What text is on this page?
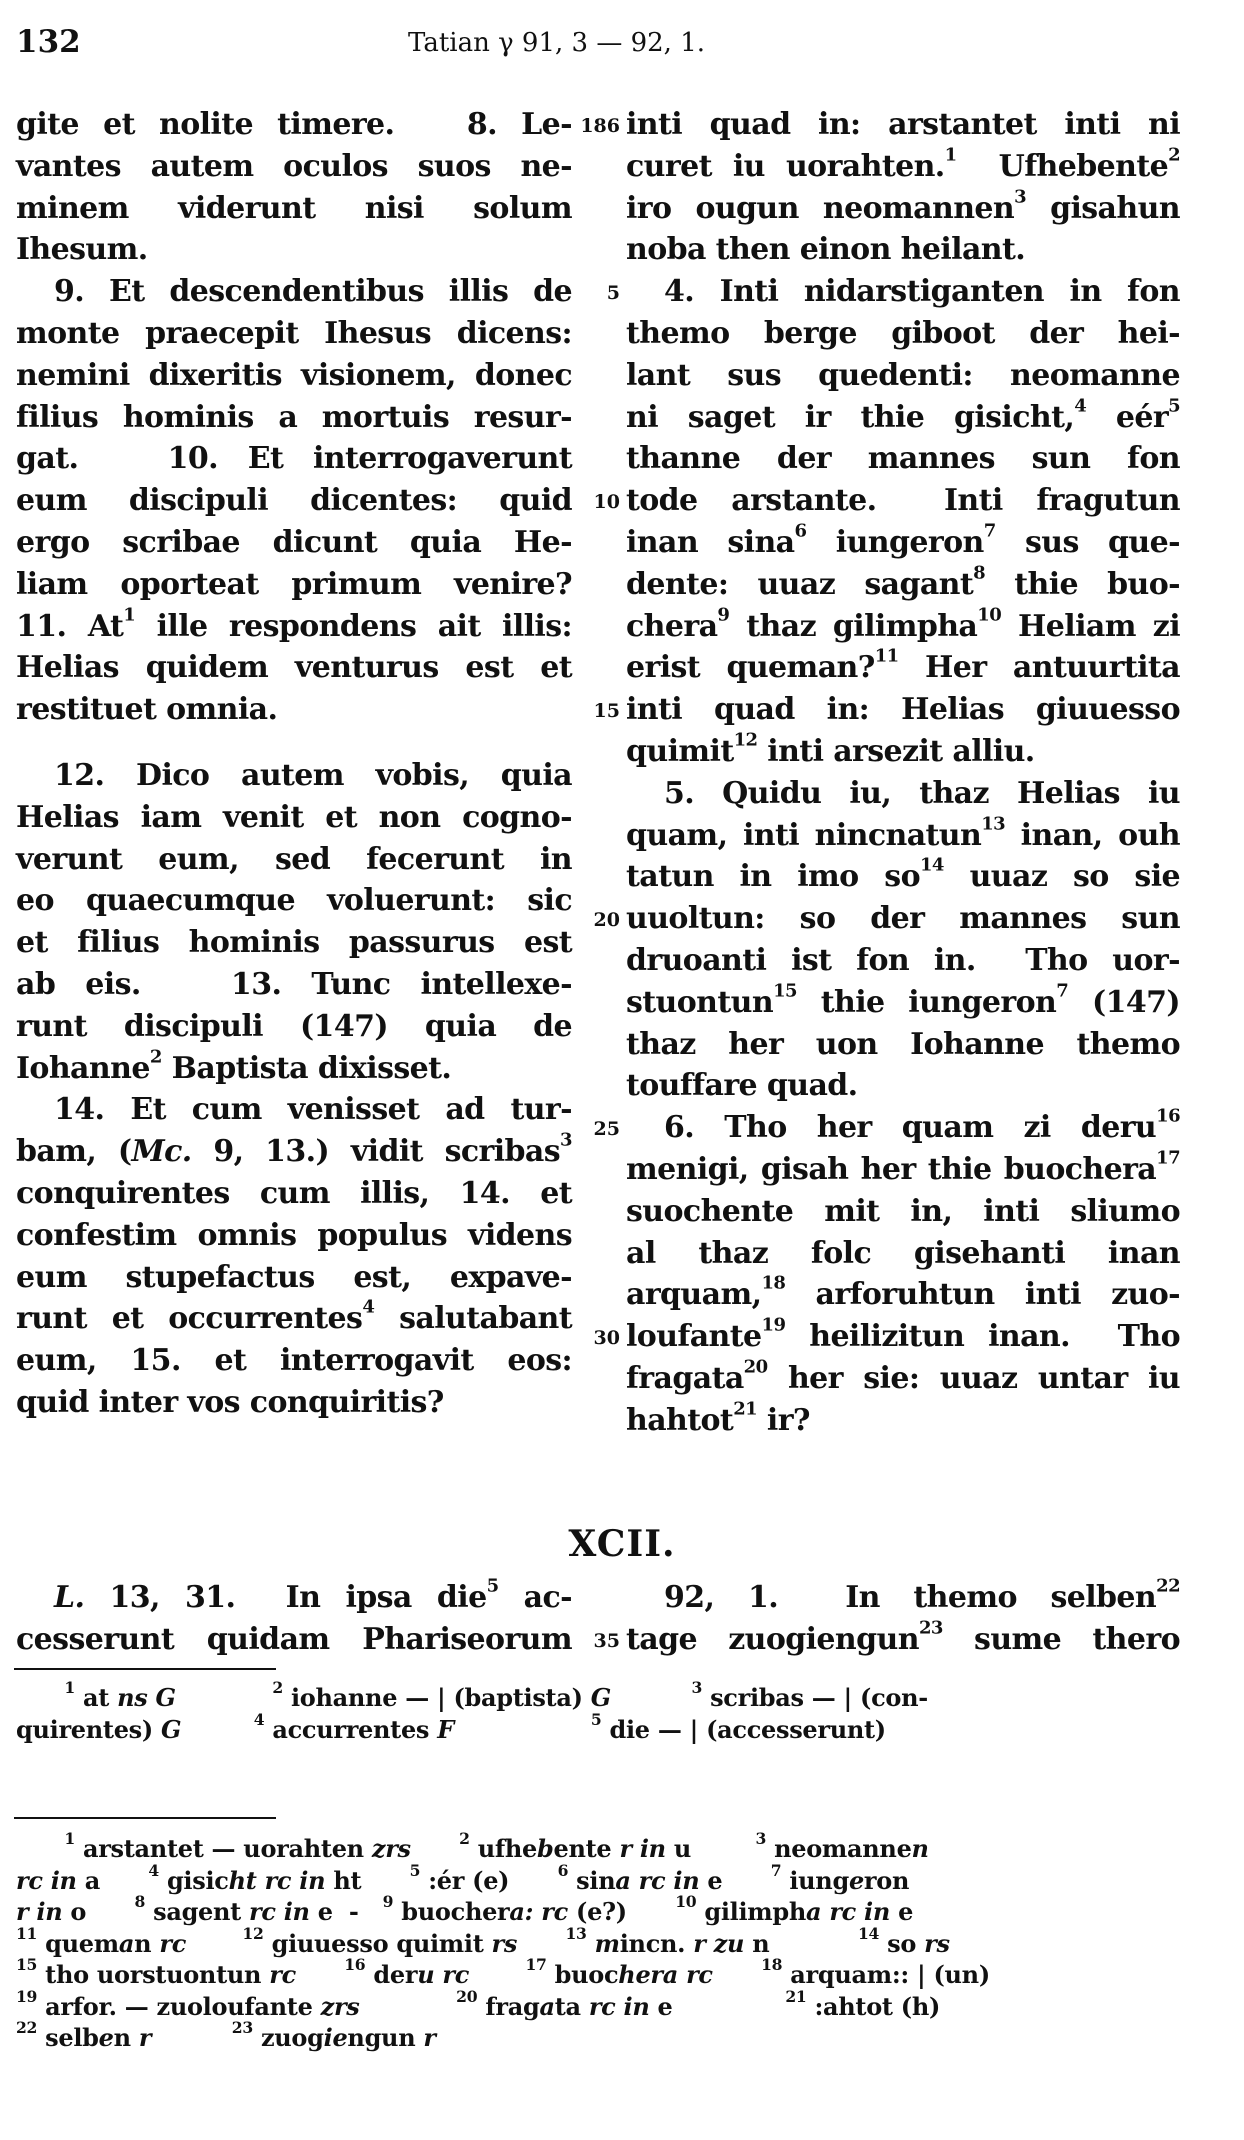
132	Tatian γ 91, 3 — 92, 1.
gite et nolite timere.   8. Le-
vantes autem oculos suos ne-
minem viderunt nisi solum
Ihesum.
9. Et descendentibus illis de
monte praecepit Ihesus dicens:
nemini dixeritis visionem, donec
filius hominis a mortuis resur-
gat.   10. Et interrogaverunt
eum discipuli dicentes: quid
ergo scribae dicunt quia He-
liam oporteat primum venire?
11. At$^1$ ille respondens ait illis:
Helias quidem venturus est et
restituet omnia.
12. Dico autem vobis, quia
Helias iam venit et non cogno-
verunt eum, sed fecerunt in
eo quaecumque voluerunt: sic
et filius hominis passurus est
ab eis.   13. Tunc intellexe-
runt discipuli (147) quia de
Iohanne$^2$ Baptista dixisset.
14. Et cum venisset ad tur-
bam, (Mc. 9, 13.) vidit scribas$^3$
conquirentes cum illis, 14. et
confestim omnis populus videns
eum stupefactus est, expave-
runt et occurrentes$^4$ salutabant
eum, 15. et interrogavit eos:
quid inter vos conquiritis?
inti quad in: arstantet inti ni
curet iu uorahten.$^1$  Ufhebente$^2$
iro ougun neomannen$^3$ gisahun
noba then einon heilant.
4. Inti nidarstiganten in fon
themo berge giboot der hei-
lant sus quedenti: neomanne
ni saget ir thie gisicht,$^4$ eér$^5$
thanne der mannes sun fon
tode arstante.  Inti fragutun
inan sina$^6$ iungeron$^7$ sus que-
dente: uuaz sagant$^8$ thie buo-
chera$^9$ thaz gilimpha$^{10}$ Heliam zi
erist queman?$^{11}$ Her antuurtita
inti quad in: Helias giuuesso
quimit$^{12}$ inti arsezit alliu.
5. Quidu iu, thaz Helias iu
quam, inti nincnatun$^{13}$ inan, ouh
tatun in imo $so^{14}$ uuaz so sie
uuoltun: so der mannes sun
druoanti ist fon in.  Tho uor-
stuontun$^{15}$ thie iungeron$^7$ (147)
thaz her uon Iohanne themo
touffare quad.
6. Tho her quam zi deru$^{16}$
menigi, gisah her thie buochera$^{17}$
suochente mit in, inti sliumo
al thaz folc gisehanti inan
arquam,$^{18}$ arforuhtun inti zuo-
loufante$^{19}$ heilizitun inan.  Tho
fragata$^{20}$ her sie: uuaz untar iu
hahtot$^{21}$ ir?
186
5
10
15
20
25
30
35
XCII.
L. 13, 31.  In ipsa die$^5$ ac-
cesserunt quidam Phariseorum
92, 1.  In themo selben$^{22}$
tage zuogiengun$^{23}$ sume thero
$^1$ at ns G	$^2$ iohanne — | (baptista) G	$^3$ scribas — | (con-
quirentes) G	$^4$ accurrentes F	$^5$ die — | (accesserunt)
$^1$ arstantet — uorahten zrs	$^2$ ufhebente r in u        $^3$ neomannen
rc in a      $^4$ gisicht rc in ht      $^5$ :ér (e)      $^6$ sina rc in e      $^7$ iungeron
r in o      $^8$ sagent rc in e  -   $^9$ buochera: rc (e?)      $^{10}$ gilimpha rc in e
$^{11}$ queman rc	$^{12}$ giuuesso quimit rs	$^{13}$ mincn. r zu n           $^{14}$ so rs
$^{15}$ tho uorstuontun rc	$^{16}$ deru rc	$^{17}$ buochera rc	$^{18}$ arquam:: | (un)
$^{19}$ arfor. — zuoloufante zrs	$^{20}$ fragata rc in e              $^{21}$ :ahtot (h)
$^{22}$ selben r	$^{23}$ zuogiengun r
